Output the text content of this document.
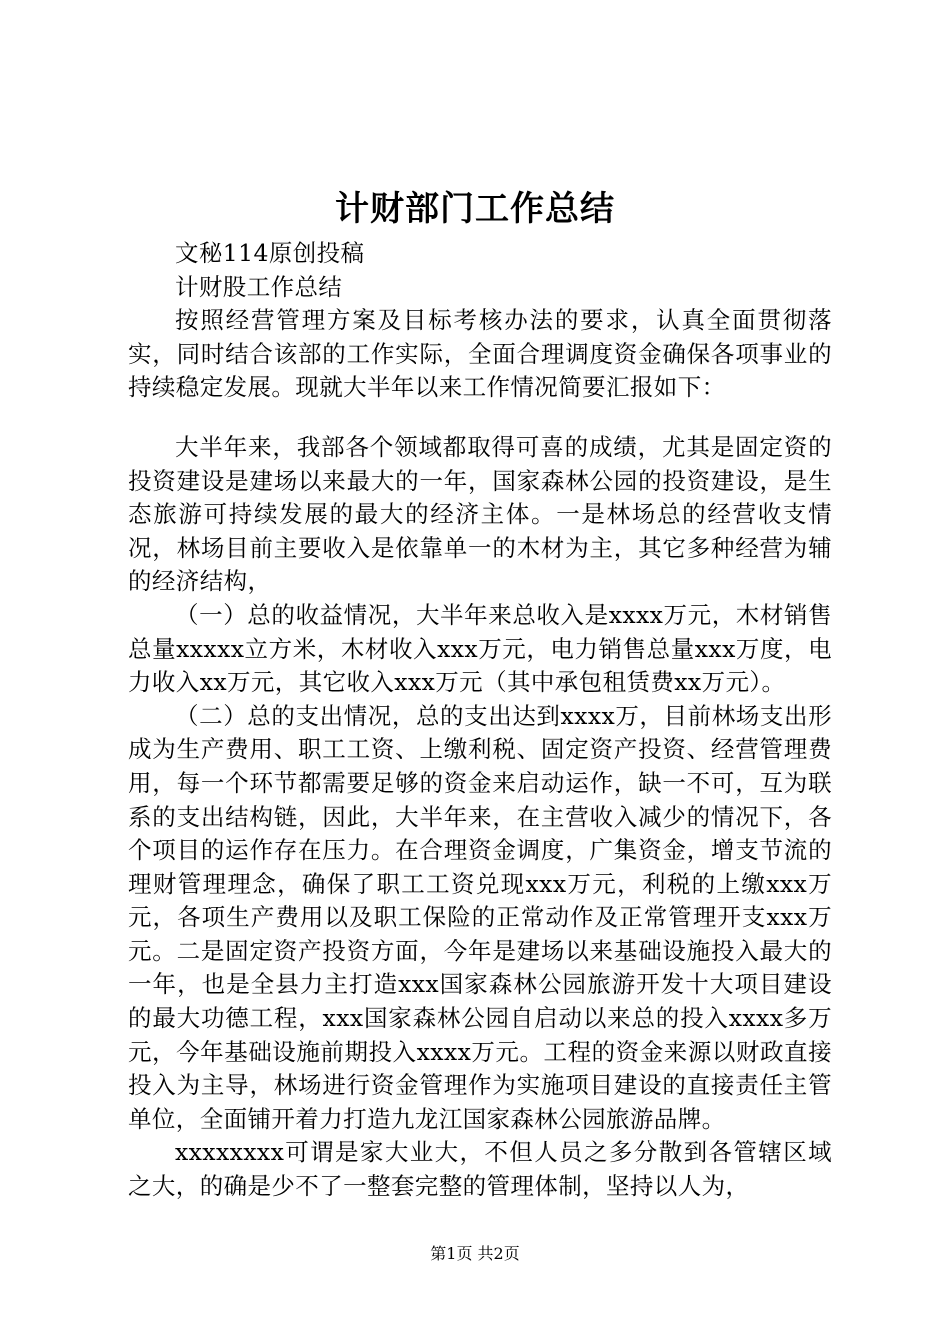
计财部门工作总结
文秘114原创投稿
计财股工作总结
按照经营管理方案及目标考核办法的要求，认真全面贯彻落实，同时结合该部的工作实际，全面合理调度资金确保各项事业的持续稳定发展。现就大半年以来工作情况简要汇报如下：
大半年来，我部各个领域都取得可喜的成绩，尤其是固定资的投资建设是建场以来最大的一年，国家森林公园的投资建设，是生态旅游可持续发展的最大的经济主体。一是林场总的经营收支情况，林场目前主要收入是依靠单一的木材为主，其它多种经营为辅的经济结构，
（一）总的收益情况，大半年来总收入是xxxx万元，木材销售总量xxxxx立方米，木材收入xxx万元，电力销售总量xxx万度，电力收入xx万元，其它收入xxx万元（其中承包租赁费xx万元）。
（二）总的支出情况，总的支出达到xxxx万，目前林场支出形成为生产费用、职工工资、上缴利税、固定资产投资、经营管理费用，每一个环节都需要足够的资金来启动运作，缺一不可，互为联系的支出结构链，因此，大半年来，在主营收入减少的情况下，各个项目的运作存在压力。在合理资金调度，广集资金，增支节流的理财管理理念，确保了职工工资兑现xxx万元，利税的上缴xxx万元，各项生产费用以及职工保险的正常动作及正常管理开支xxx万元。二是固定资产投资方面，今年是建场以来基础设施投入最大的一年，也是全县力主打造xxx国家森林公园旅游开发十大项目建设的最大功德工程，xxx国家森林公园自启动以来总的投入xxxx多万元，今年基础设施前期投入xxxx万元。工程的资金来源以财政直接投入为主导，林场进行资金管理作为实施项目建设的直接责任主管单位，全面铺开着力打造九龙江国家森林公园旅游品牌。
xxxxxxxx可谓是家大业大，不但人员之多分散到各管辖区域之大，的确是少不了一整套完整的管理体制，坚持以人为，
第1页 共2页
